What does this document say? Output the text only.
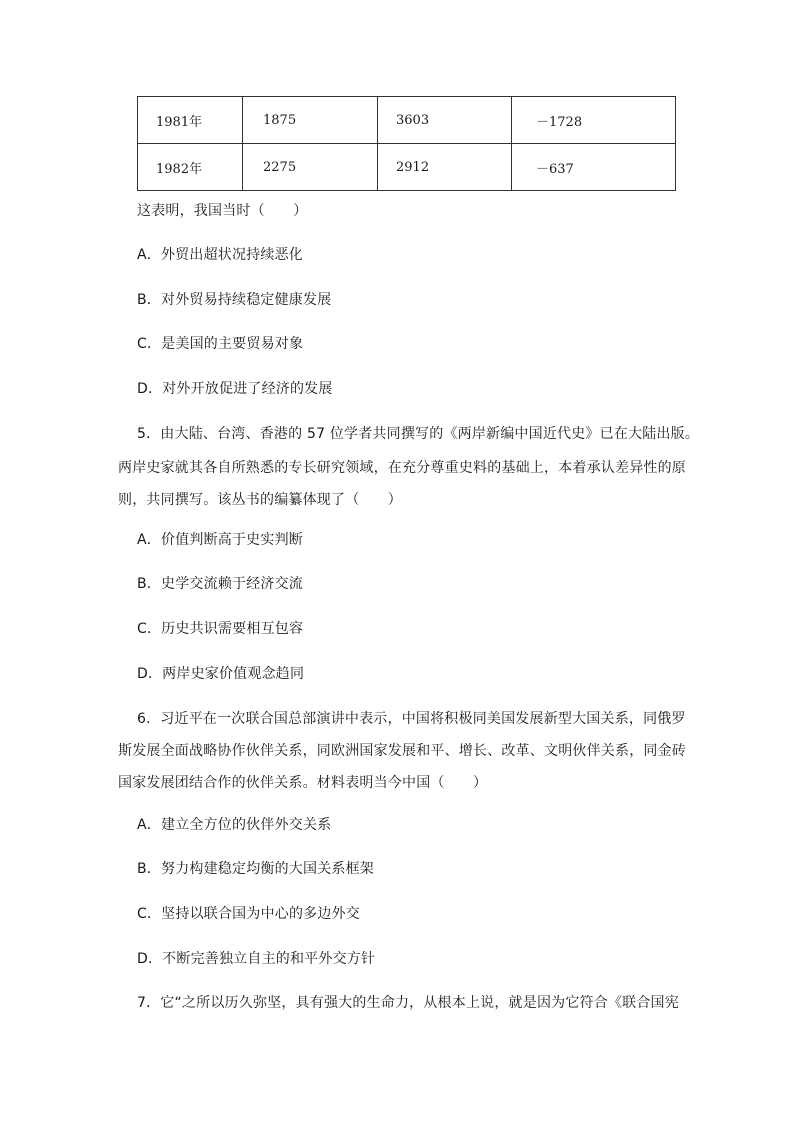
1981年	1875	3603	－1728
1982年	2275	2912	－637
这表明，我国当时（　　）
A．外贸出超状况持续恶化
B．对外贸易持续稳定健康发展
C．是美国的主要贸易对象
D．对外开放促进了经济的发展
5．由大陆、台湾、香港的 57 位学者共同撰写的《两岸新编中国近代史》已在大陆出版。
两岸史家就其各自所熟悉的专长研究领域，在充分尊重史料的基础上，本着承认差异性的原
则，共同撰写。该丛书的编纂体现了（　　）
A．价值判断高于史实判断
B．史学交流赖于经济交流
C．历史共识需要相互包容
D．两岸史家价值观念趋同
6．习近平在一次联合国总部演讲中表示，中国将积极同美国发展新型大国关系，同俄罗
斯发展全面战略协作伙伴关系，同欧洲国家发展和平、增长、改革、文明伙伴关系，同金砖
国家发展团结合作的伙伴关系。材料表明当今中国（　　）
A．建立全方位的伙伴外交关系
B．努力构建稳定均衡的大国关系框架
C．坚持以联合国为中心的多边外交
D．不断完善独立自主的和平外交方针
7．它“之所以历久弥坚，具有强大的生命力，从根本上说，就是因为它符合《联合国宪
